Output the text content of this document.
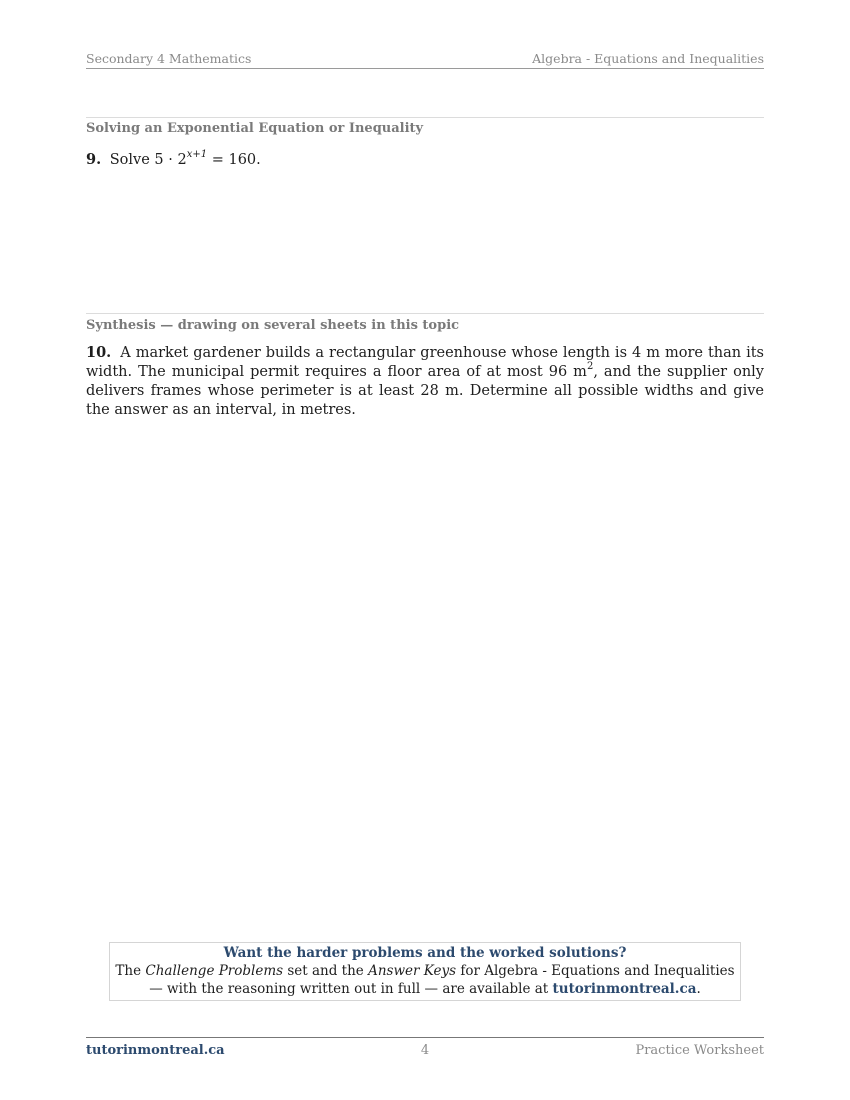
Secondary 4 Mathematics	Algebra - Equations and Inequalities
Solving an Exponential Equation or Inequality
9. Solve $5 \cdot 2^{x+1} = 160$.
Synthesis — drawing on several sheets in this topic
10. A market gardener builds a rectangular greenhouse whose length is 4 m more than its width. The municipal permit requires a floor area of at most 96 $m^2$, and the supplier only delivers frames whose perimeter is at least 28 m. Determine all possible widths and give the answer as an interval, in metres.
Want the harder problems and the worked solutions?
The Challenge Problems set and the Answer Keys for Algebra - Equations and Inequalities — with the reasoning written out in full — are available at tutorinmontreal.ca.
tutorinmontreal.ca	4	Practice Worksheet
